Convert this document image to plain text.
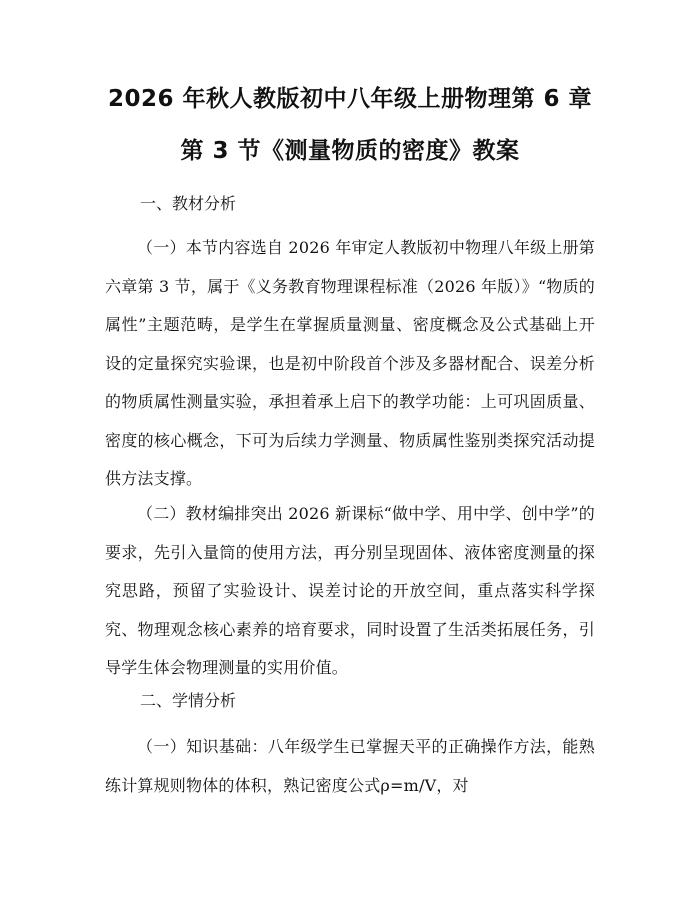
2026 年秋人教版初中八年级上册物理第 6 章
第 3 节《测量物质的密度》教案
一、教材分析
（一）本节内容选自 2026 年审定人教版初中物理八年级上册第六章第 3 节，属于《义务教育物理课程标准（2026 年版）》“物质的属性”主题范畴，是学生在掌握质量测量、密度概念及公式基础上开设的定量探究实验课，也是初中阶段首个涉及多器材配合、误差分析的物质属性测量实验，承担着承上启下的教学功能：上可巩固质量、密度的核心概念，下可为后续力学测量、物质属性鉴别类探究活动提供方法支撑。
（二）教材编排突出 2026 新课标“做中学、用中学、创中学”的要求，先引入量筒的使用方法，再分别呈现固体、液体密度测量的探究思路，预留了实验设计、误差讨论的开放空间，重点落实科学探究、物理观念核心素养的培育要求，同时设置了生活类拓展任务，引导学生体会物理测量的实用价值。
二、学情分析
（一）知识基础：八年级学生已掌握天平的正确操作方法，能熟练计算规则物体的体积，熟记密度公式ρ=m/V，对
